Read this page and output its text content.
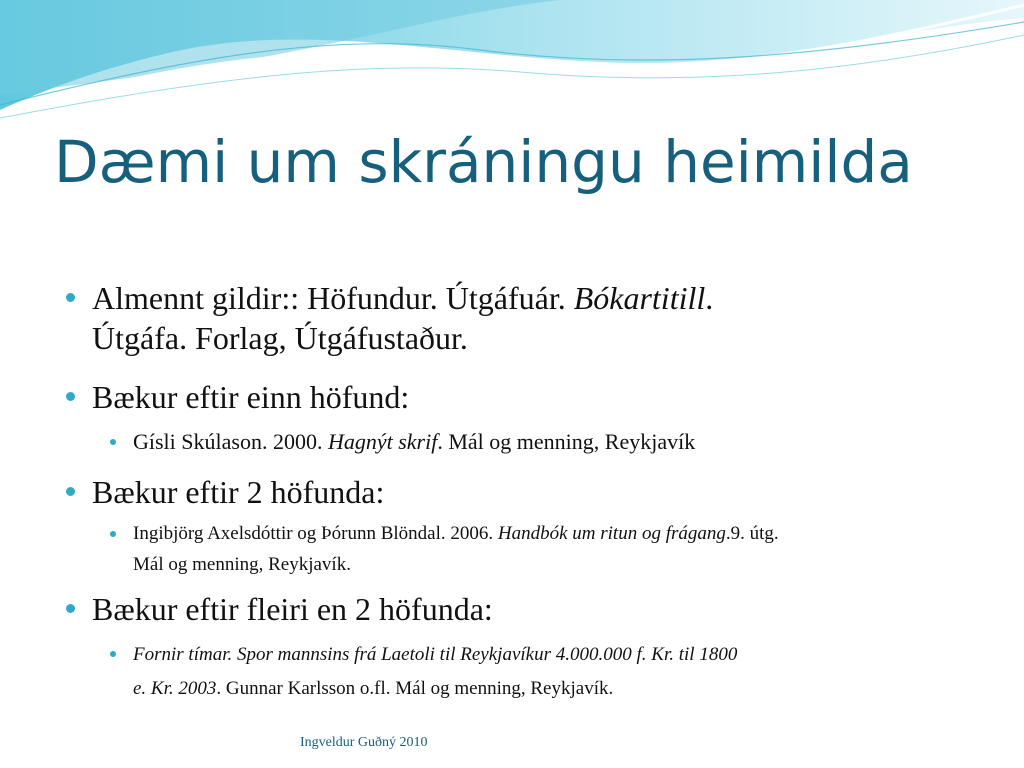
Dæmi um skráningu heimilda
Almennt gildir:: Höfundur. Útgáfuár. Bókartitill.
Útgáfa. Forlag, Útgáfustaður.
Bækur eftir einn höfund:
Gísli Skúlason. 2000. Hagnýt skrif. Mál og menning, Reykjavík
Bækur eftir 2 höfunda:
Ingibjörg Axelsdóttir og Þórunn Blöndal. 2006. Handbók um ritun og frágang.9. útg.
Mál og menning, Reykjavík.
Bækur eftir fleiri en 2 höfunda:
Fornir tímar. Spor mannsins frá Laetoli til Reykjavíkur 4.000.000 f. Kr. til 1800
e. Kr. 2003. Gunnar Karlsson o.fl. Mál og menning, Reykjavík.
Ingveldur Guðný 2010
